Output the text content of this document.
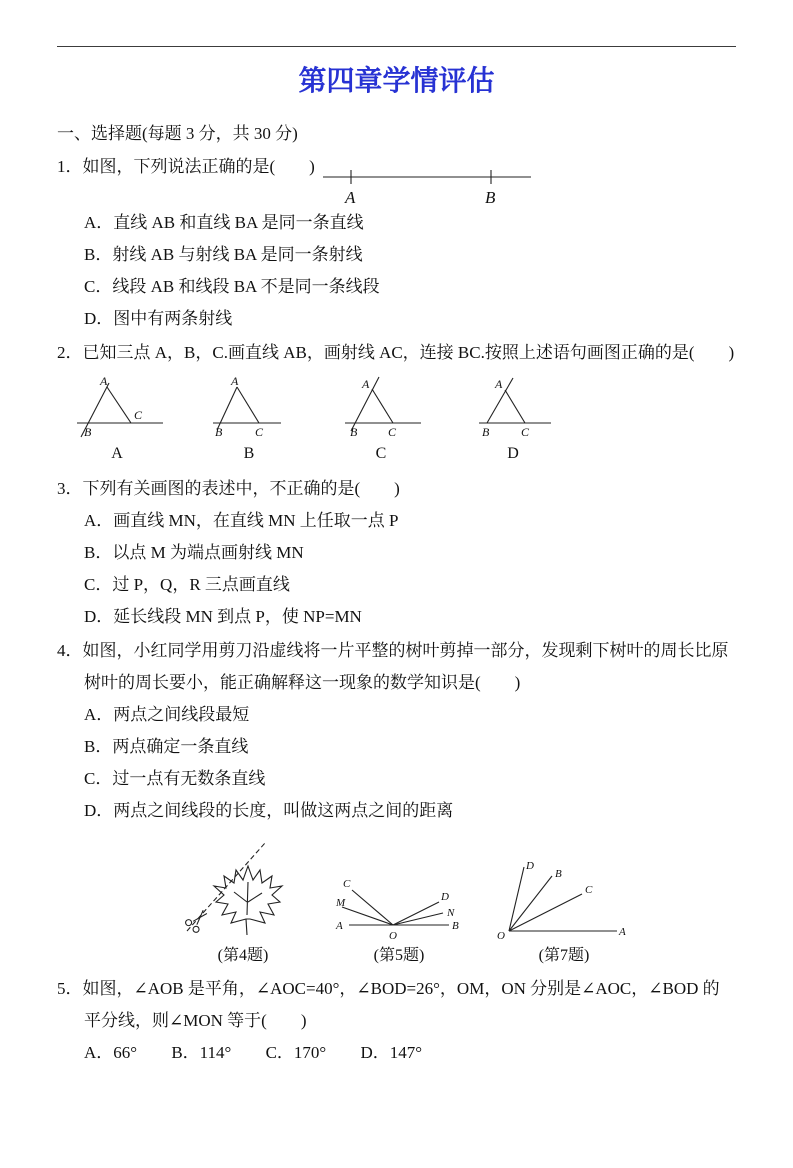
第四章学情评估
一、选择题(每题 3 分，共 30 分)
1．如图，下列说法正确的是(　　)
A	B
A．直线 AB 和直线 BA 是同一条直线
B．射线 AB 与射线 BA 是同一条射线
C．线段 AB 和线段 BA 不是同一条线段
D．图中有两条射线
2．已知三点 A，B，C.画直线 AB，画射线 AC，连接 BC.按照上述语句画图正确的是(　　)
A
B
C
A
A
B	C
B
A
B	C
C
A
B	C
D
3．下列有关画图的表述中，不正确的是(　　)
A．画直线 MN，在直线 MN 上任取一点 P
B．以点 M 为端点画射线 MN
C．过 P，Q，R 三点画直线
D．延长线段 MN 到点 P，使 NP=MN
4．如图，小红同学用剪刀沿虚线将一片平整的树叶剪掉一部分，发现剩下树叶的周长比原树叶的周长要小，能正确解释这一现象的数学知识是(　　)
A．两点之间线段最短
B．两点确定一条直线
C．过一点有无数条直线
D．两点之间线段的长度，叫做这两点之间的距离
(第4题)
C
M
A
O
D
N
B
(第5题)
O	A
D
B
C
(第7题)
5．如图，∠AOB 是平角，∠AOC=40°，∠BOD=26°，OM，ON 分别是∠AOC，∠BOD 的平分线，则∠MON 等于(　　)
A．66° B．114° C．170° D．147°
